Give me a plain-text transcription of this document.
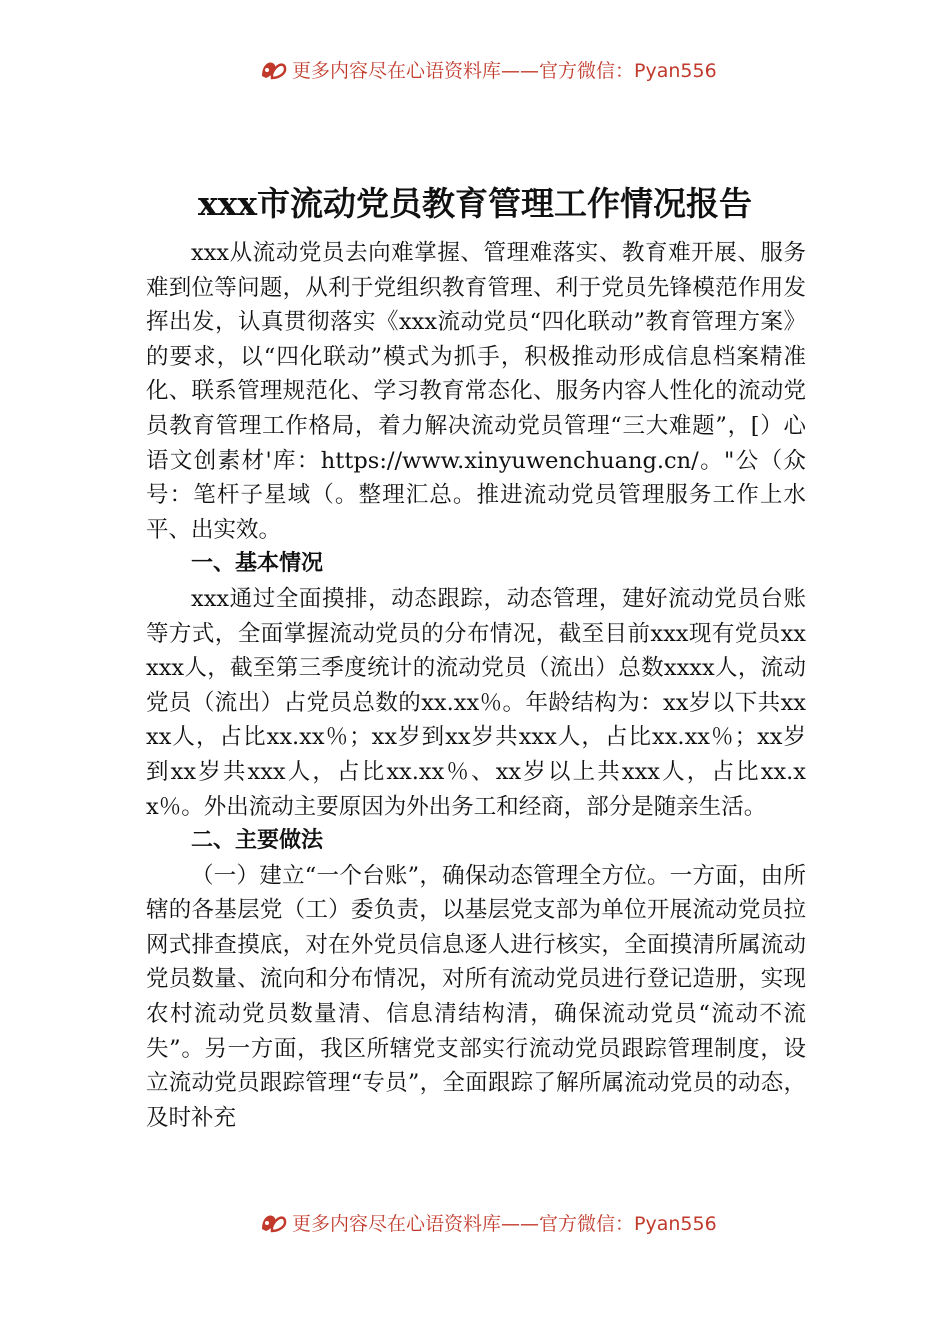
更多内容尽在心语资料库——官方微信：Pyan556
xxx市流动党员教育管理工作情况报告

xxx从流动党员去向难掌握、管理难落实、教育难开展、服务难到位等问题，从利于党组织教育管理、利于党员先锋模范作用发挥出发，认真贯彻落实《xxx流动党员“四化联动”教育管理方案》的要求，以“四化联动”模式为抓手，积极推动形成信息档案精准化、联系管理规范化、学习教育常态化、服务内容人性化的流动党员教育管理工作格局，着力解决流动党员管理“三大难题”，[）心语文创素材'库：https://www.xinyuwenchuang.cn/。"公（众号：笔杆子星域（。整理汇总。推进流动党员管理服务工作上水平、出实效。

一、基本情况

xxx通过全面摸排，动态跟踪，动态管理，建好流动党员台账等方式，全面掌握流动党员的分布情况，截至目前xxx现有党员xxxxx人，截至第三季度统计的流动党员（流出）总数xxxx人，流动党员（流出）占党员总数的xx.xx％。年龄结构为：xx岁以下共xxxx人，占比xx.xx％；xx岁到xx岁共xxx人，占比xx.xx％；xx岁到xx岁共xxx人，占比xx.xx％、xx岁以上共xxx人，占比xx.xx％。外出流动主要原因为外出务工和经商，部分是随亲生活。

二、主要做法

（一）建立“一个台账”，确保动态管理全方位。一方面，由所辖的各基层党（工）委负责，以基层党支部为单位开展流动党员拉网式排查摸底，对在外党员信息逐人进行核实，全面摸清所属流动党员数量、流向和分布情况，对所有流动党员进行登记造册，实现农村流动党员数量清、信息清结构清，确保流动党员“流动不流失”。另一方面，我区所辖党支部实行流动党员跟踪管理制度，设立流动党员跟踪管理“专员”，全面跟踪了解所属流动党员的动态，及时补充

更多内容尽在心语资料库——官方微信：Pyan556
